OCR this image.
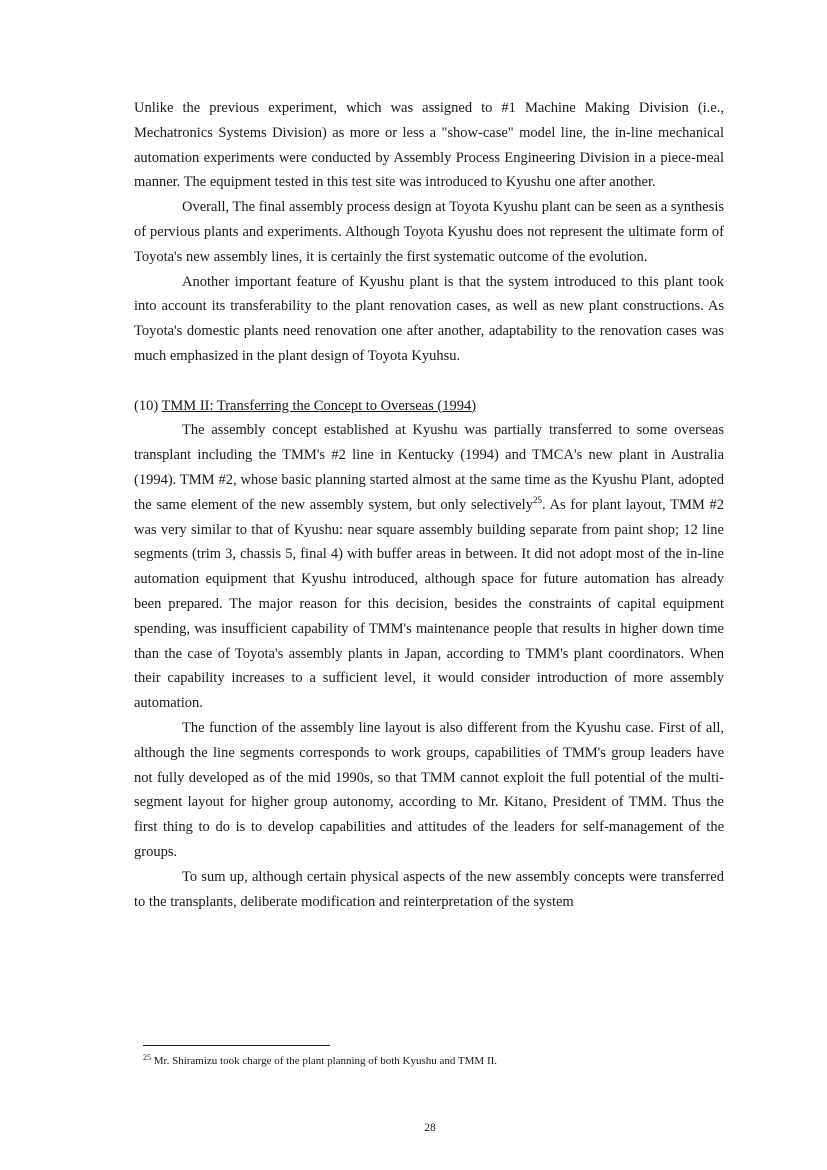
Unlike the previous experiment, which was assigned to #1 Machine Making Division (i.e., Mechatronics Systems Division) as more or less a "show-case" model line, the in-line mechanical automation experiments were conducted by Assembly Process Engineering Division in a piece-meal manner. The equipment tested in this test site was introduced to Kyushu one after another.

Overall, The final assembly process design at Toyota Kyushu plant can be seen as a synthesis of pervious plants and experiments. Although Toyota Kyushu does not represent the ultimate form of Toyota's new assembly lines, it is certainly the first systematic outcome of the evolution.

Another important feature of Kyushu plant is that the system introduced to this plant took into account its transferability to the plant renovation cases, as well as new plant constructions. As Toyota's domestic plants need renovation one after another, adaptability to the renovation cases was much emphasized in the plant design of Toyota Kyuhsu.

(10) TMM II: Transferring the Concept to Overseas (1994)

The assembly concept established at Kyushu was partially transferred to some overseas transplant including the TMM's #2 line in Kentucky (1994) and TMCA's new plant in Australia (1994). TMM #2, whose basic planning started almost at the same time as the Kyushu Plant, adopted the same element of the new assembly system, but only selectively$^{25}$. As for plant layout, TMM #2 was very similar to that of Kyushu: near square assembly building separate from paint shop; 12 line segments (trim 3, chassis 5, final 4) with buffer areas in between. It did not adopt most of the in-line automation equipment that Kyushu introduced, although space for future automation has already been prepared. The major reason for this decision, besides the constraints of capital equipment spending, was insufficient capability of TMM's maintenance people that results in higher down time than the case of Toyota's assembly plants in Japan, according to TMM's plant coordinators. When their capability increases to a sufficient level, it would consider introduction of more assembly automation.

The function of the assembly line layout is also different from the Kyushu case. First of all, although the line segments corresponds to work groups, capabilities of TMM's group leaders have not fully developed as of the mid 1990s, so that TMM cannot exploit the full potential of the multi-segment layout for higher group autonomy, according to Mr. Kitano, President of TMM. Thus the first thing to do is to develop capabilities and attitudes of the leaders for self-management of the groups.

To sum up, although certain physical aspects of the new assembly concepts were transferred to the transplants, deliberate modification and reinterpretation of the system

$^{25}$ Mr. Shiramizu took charge of the plant planning of both Kyushu and TMM II.
28
